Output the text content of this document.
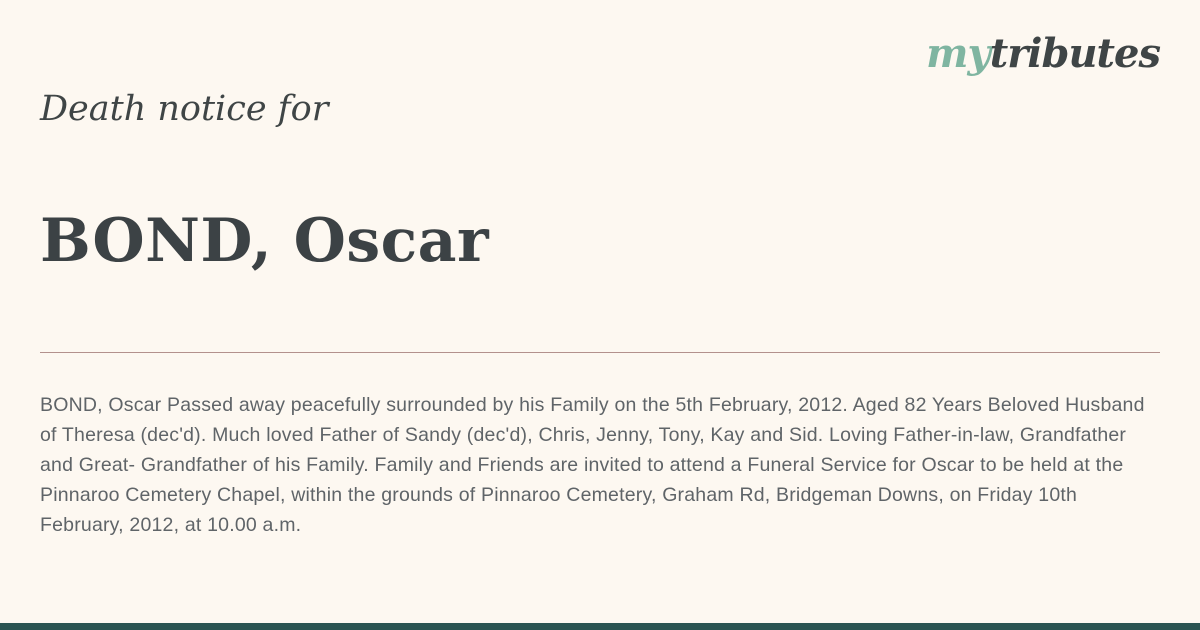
mytributes
Death notice for
BOND, Oscar

BOND, Oscar Passed away peacefully surrounded by his Family on the 5th February, 2012. Aged 82 Years Beloved Husband of Theresa (dec'd). Much loved Father of Sandy (dec'd), Chris, Jenny, Tony, Kay and Sid. Loving Father-in-law, Grandfather and Great- Grandfather of his Family. Family and Friends are invited to attend a Funeral Service for Oscar to be held at the Pinnaroo Cemetery Chapel, within the grounds of Pinnaroo Cemetery, Graham Rd, Bridgeman Downs, on Friday 10th February, 2012, at 10.00 a.m.
